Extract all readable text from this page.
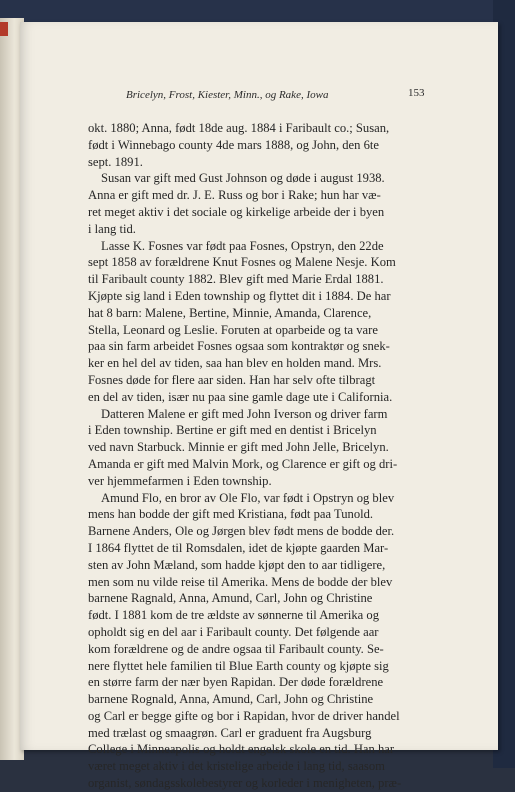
Bricelyn, Frost, Kiester, Minn., og Rake, Iowa	153
okt. 1880; Anna, født 18de aug. 1884 i Faribault co.; Susan,
født i Winnebago county 4de mars 1888, og John, den 6te
sept. 1891.
Susan var gift med Gust Johnson og døde i august 1938.
Anna er gift med dr. J. E. Russ og bor i Rake; hun har væ-
ret meget aktiv i det sociale og kirkelige arbeide der i byen
i lang tid.
Lasse K. Fosnes var født paa Fosnes, Opstryn, den 22de
sept 1858 av forældrene Knut Fosnes og Malene Nesje. Kom
til Faribault county 1882. Blev gift med Marie Erdal 1881.
Kjøpte sig land i Eden township og flyttet dit i 1884. De har
hat 8 barn: Malene, Bertine, Minnie, Amanda, Clarence,
Stella, Leonard og Leslie. Foruten at oparbeide og ta vare
paa sin farm arbeidet Fosnes ogsaa som kontraktør og snek-
ker en hel del av tiden, saa han blev en holden mand. Mrs.
Fosnes døde for flere aar siden. Han har selv ofte tilbragt
en del av tiden, især nu paa sine gamle dage ute i California.
Datteren Malene er gift med John Iverson og driver farm
i Eden township. Bertine er gift med en dentist i Bricelyn
ved navn Starbuck. Minnie er gift med John Jelle, Bricelyn.
Amanda er gift med Malvin Mork, og Clarence er gift og dri-
ver hjemmefarmen i Eden township.
Amund Flo, en bror av Ole Flo, var født i Opstryn og blev
mens han bodde der gift med Kristiana, født paa Tunold.
Barnene Anders, Ole og Jørgen blev født mens de bodde der.
I 1864 flyttet de til Romsdalen, idet de kjøpte gaarden Mar-
sten av John Mæland, som hadde kjøpt den to aar tidligere,
men som nu vilde reise til Amerika. Mens de bodde der blev
barnene Ragnald, Anna, Amund, Carl, John og Christine
født. I 1881 kom de tre ældste av sønnerne til Amerika og
opholdt sig en del aar i Faribault county. Det følgende aar
kom forældrene og de andre ogsaa til Faribault county. Se-
nere flyttet hele familien til Blue Earth county og kjøpte sig
en større farm der nær byen Rapidan. Der døde forældrene
barnene Rognald, Anna, Amund, Carl, John og Christine
og Carl er begge gifte og bor i Rapidan, hvor de driver handel
med trælast og smaagrøn. Carl er graduent fra Augsburg
College i Minneapolis og holdt engelsk skole en tid. Han har
været meget aktiv i det kristelige arbeide i lang tid, saasom
organist, søndagsskolebestyrer og korleder i menigheten, præ-
